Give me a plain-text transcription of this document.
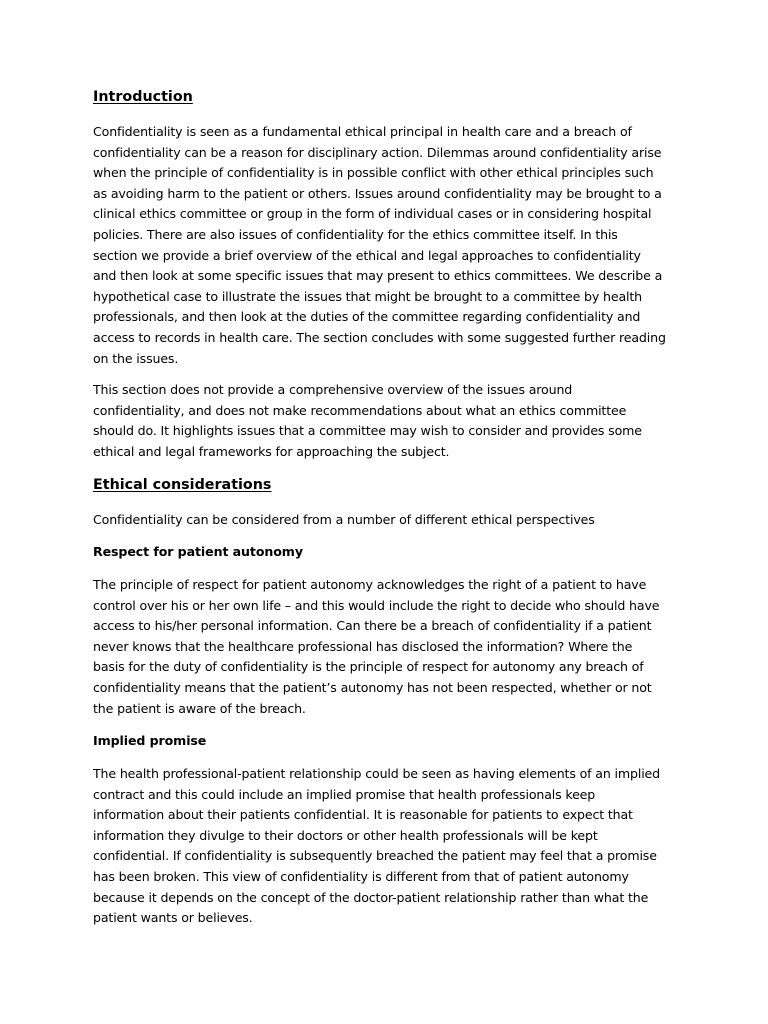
Introduction
Confidentiality is seen as a fundamental ethical principal in health care and a breach of
confidentiality can be a reason for disciplinary action. Dilemmas around confidentiality arise
when the principle of confidentiality is in possible conflict with other ethical principles such
as avoiding harm to the patient or others. Issues around confidentiality may be brought to a
clinical ethics committee or group in the form of individual cases or in considering hospital
policies. There are also issues of confidentiality for the ethics committee itself. In this
section we provide a brief overview of the ethical and legal approaches to confidentiality
and then look at some specific issues that may present to ethics committees. We describe a
hypothetical case to illustrate the issues that might be brought to a committee by health
professionals, and then look at the duties of the committee regarding confidentiality and
access to records in health care. The section concludes with some suggested further reading
on the issues.
This section does not provide a comprehensive overview of the issues around
confidentiality, and does not make recommendations about what an ethics committee
should do. It highlights issues that a committee may wish to consider and provides some
ethical and legal frameworks for approaching the subject.
Ethical considerations
Confidentiality can be considered from a number of different ethical perspectives
Respect for patient autonomy
The principle of respect for patient autonomy acknowledges the right of a patient to have
control over his or her own life – and this would include the right to decide who should have
access to his/her personal information. Can there be a breach of confidentiality if a patient
never knows that the healthcare professional has disclosed the information? Where the
basis for the duty of confidentiality is the principle of respect for autonomy any breach of
confidentiality means that the patient’s autonomy has not been respected, whether or not
the patient is aware of the breach.
Implied promise
The health professional-patient relationship could be seen as having elements of an implied
contract and this could include an implied promise that health professionals keep
information about their patients confidential. It is reasonable for patients to expect that
information they divulge to their doctors or other health professionals will be kept
confidential. If confidentiality is subsequently breached the patient may feel that a promise
has been broken. This view of confidentiality is different from that of patient autonomy
because it depends on the concept of the doctor-patient relationship rather than what the
patient wants or believes.
